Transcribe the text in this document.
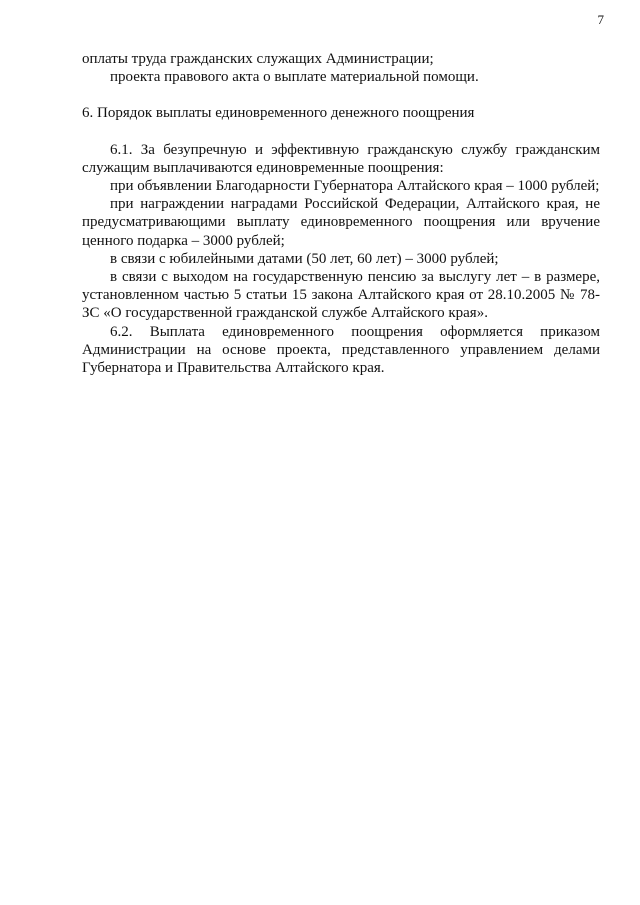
7

оплаты труда гражданских служащих Администрации;

проекта правового акта о выплате материальной помощи.

6. Порядок выплаты единовременного денежного поощрения

6.1. За безупречную и эффективную гражданскую службу гражданским служащим выплачиваются единовременные поощрения:

при объявлении Благодарности Губернатора Алтайского края – 1000 рублей;

при награждении наградами Российской Федерации, Алтайского края, не предусматривающими выплату единовременного поощрения или вручение ценного подарка – 3000 рублей;

в связи с юбилейными датами (50 лет, 60 лет) – 3000 рублей;

в связи с выходом на государственную пенсию за выслугу лет – в размере, установленном частью 5 статьи 15 закона Алтайского края от 28.10.2005 № 78-ЗС «О государственной гражданской службе Алтайского края».

6.2. Выплата единовременного поощрения оформляется приказом Администрации на основе проекта, представленного управлением делами Губернатора и Правительства Алтайского края.
